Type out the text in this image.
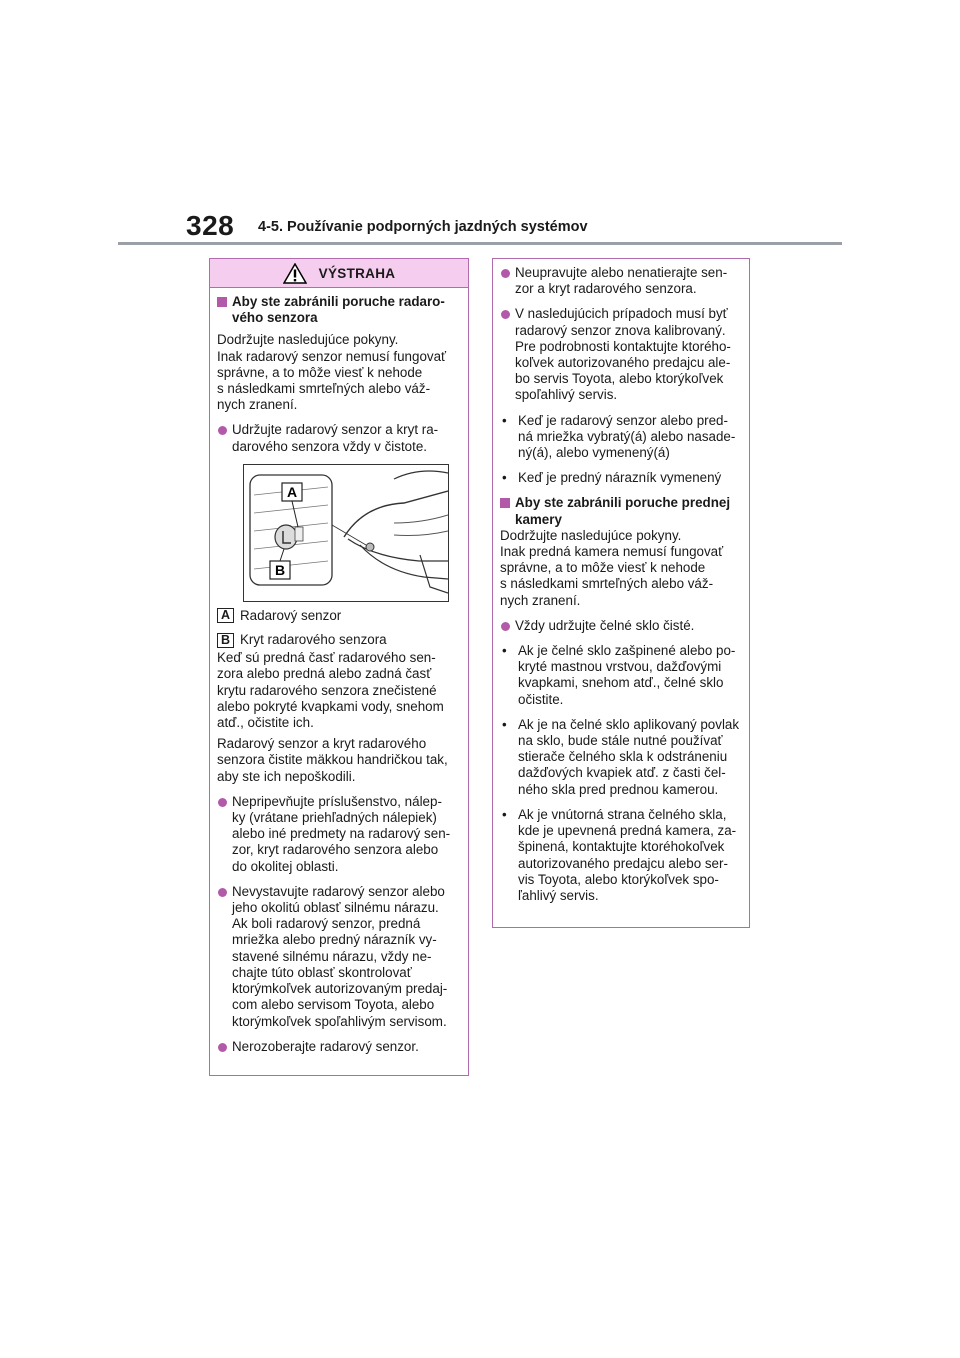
328 4-5. Používanie podporných jazdných systémov
VÝSTRAHA
Aby ste zabránili poruche radaro-
vého senzora
Dodržujte nasledujúce pokyny.
Inak radarový senzor nemusí fungovať
správne, a to môže viesť k nehode
s následkami smrteľných alebo váž-
nych zranení.
Udržujte radarový senzor a kryt ra-
darového senzora vždy v čistote.
A
B
A Radarový senzor
B Kryt radarového senzora
Keď sú predná časť radarového sen-
zora alebo predná alebo zadná časť
krytu radarového senzora znečistené
alebo pokryté kvapkami vody, snehom
atď., očistite ich.
Radarový senzor a kryt radarového
senzora čistite mäkkou handričkou tak,
aby ste ich nepoškodili.
Nepripevňujte príslušenstvo, nálep-
ky (vrátane priehľadných nálepiek)
alebo iné predmety na radarový sen-
zor, kryt radarového senzora alebo
do okolitej oblasti.
Nevystavujte radarový senzor alebo
jeho okolitú oblasť silnému nárazu.
Ak boli radarový senzor, predná
mriežka alebo predný nárazník vy-
stavené silnému nárazu, vždy ne-
chajte túto oblasť skontrolovať
ktorýmkoľvek autorizovaným predaj-
com alebo servisom Toyota, alebo
ktorýmkoľvek spoľahlivým servisom.
Nerozoberajte radarový senzor.
Neupravujte alebo nenatierajte sen-
zor a kryt radarového senzora.
V nasledujúcich prípadoch musí byť
radarový senzor znova kalibrovaný.
Pre podrobnosti kontaktujte ktorého-
koľvek autorizovaného predajcu ale-
bo servis Toyota, alebo ktorýkoľvek
spoľahlivý servis.
• Keď je radarový senzor alebo pred-
ná mriežka vybratý(á) alebo nasade-
ný(á), alebo vymenený(á)
• Keď je predný nárazník vymenený
Aby ste zabránili poruche prednej
kamery
Dodržujte nasledujúce pokyny.
Inak predná kamera nemusí fungovať
správne, a to môže viesť k nehode
s následkami smrteľných alebo váž-
nych zranení.
Vždy udržujte čelné sklo čisté.
• Ak je čelné sklo zašpinené alebo po-
kryté mastnou vrstvou, dažďovými
kvapkami, snehom atď., čelné sklo
očistite.
• Ak je na čelné sklo aplikovaný povlak
na sklo, bude stále nutné používať
stierače čelného skla k odstráneniu
dažďových kvapiek atď. z časti čel-
ného skla pred prednou kamerou.
• Ak je vnútorná strana čelného skla,
kde je upevnená predná kamera, za-
špinená, kontaktujte ktoréhokoľvek
autorizovaného predajcu alebo ser-
vis Toyota, alebo ktorýkoľvek spo-
ľahlivý servis.
